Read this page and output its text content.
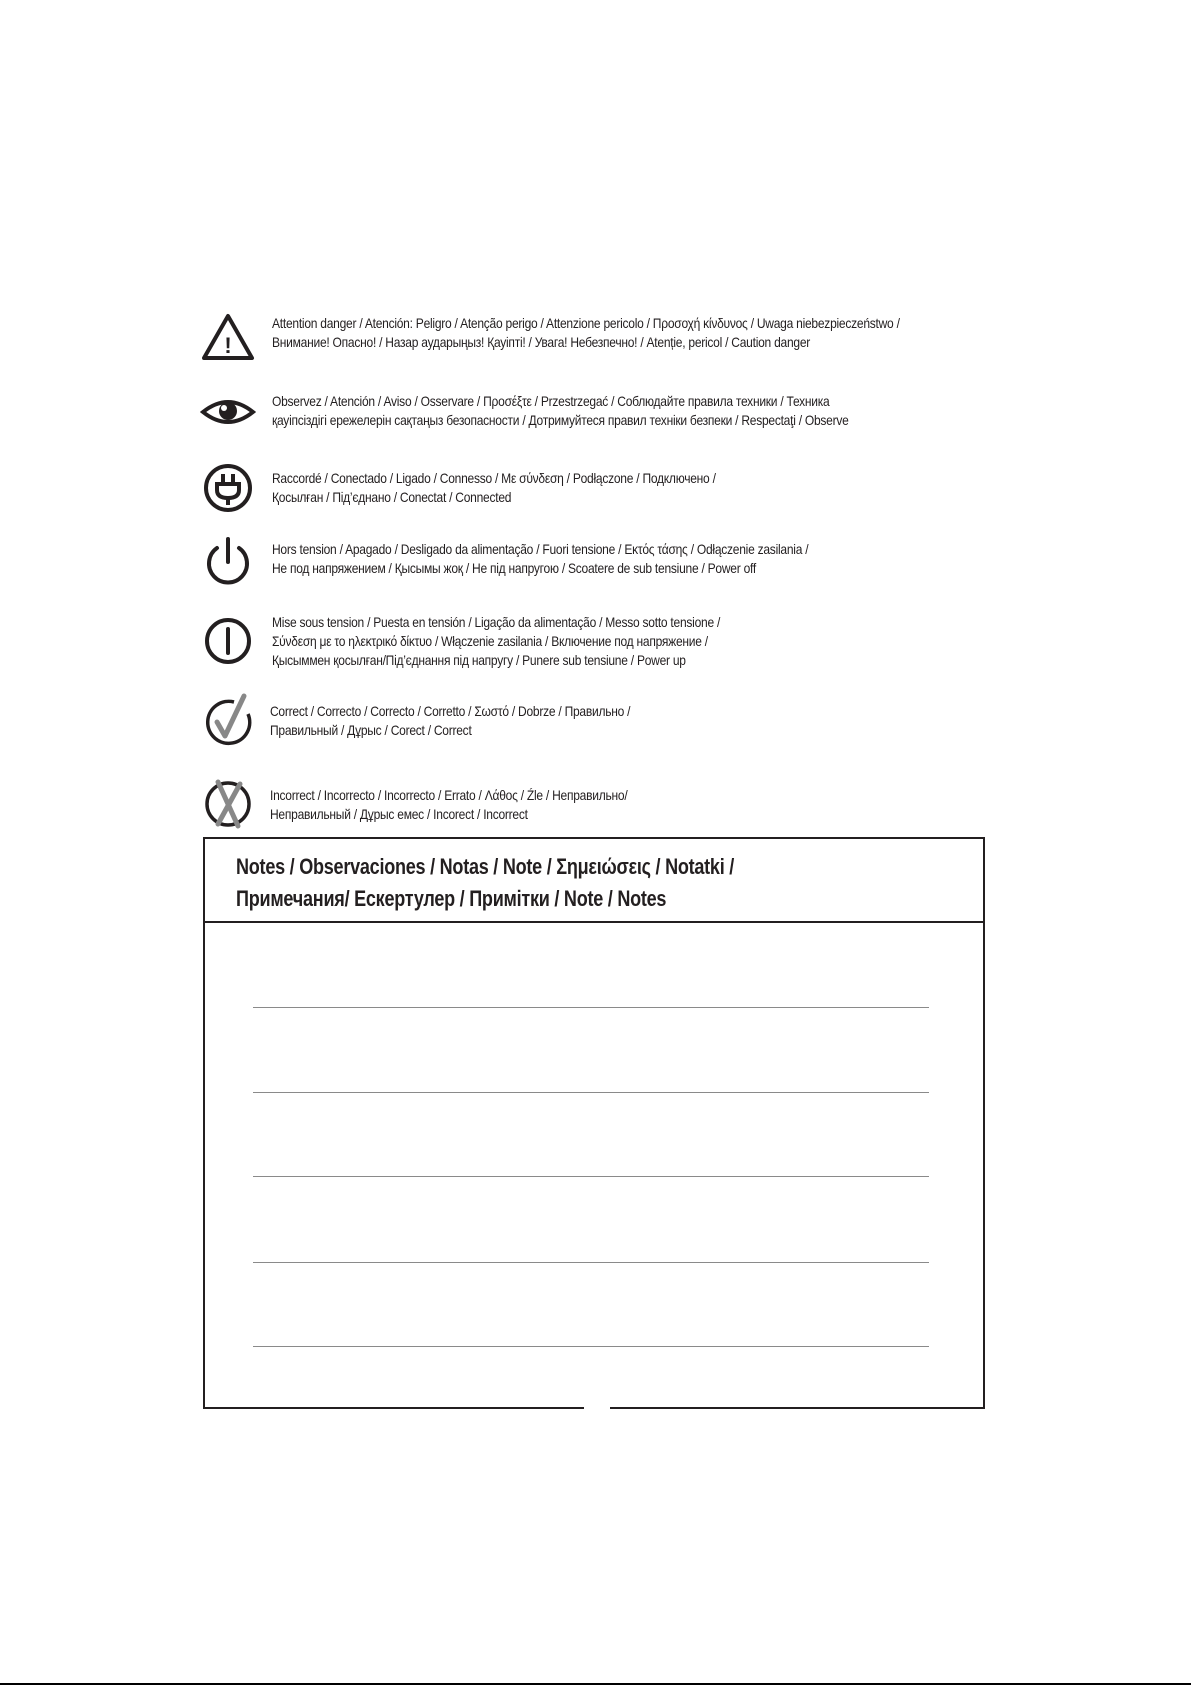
!
Attention danger / Atención: Peligro / Atenção perigo / Attenzione pericolo / Προσοχή κίνδυνος / Uwaga niebezpieczeństwo /
Внимание! Опасно! / Назар аударыңыз! Қауіпті! / Увага! Небезпечно! / Atenție, pericol / Caution danger
Observez / Atención / Aviso / Osservare / Προσέξτε / Przestrzegać / Соблюдайте правила техники / Техника
қауіпсіздігі ережелерін сақтаңыз безопасности / Дотримуйтеся правил техніки безпеки / Respectaţi / Observe
Raccordé / Conectado / Ligado / Connesso / Με σύνδεση / Podłączone / Подключено /
Қосылған / Під’єднано / Conectat / Connected
Hors tension / Apagado / Desligado da alimentação / Fuori tensione / Εκτός τάσης / Odłączenie zasilania /
Не под напряжением / Қысымы жоқ / Не під напругою / Scoatere de sub tensiune / Power off
Mise sous tension / Puesta en tensión / Ligação da alimentação / Messo sotto tensione /
Σύνδεση με το ηλεκτρικό δίκτυο / Włączenie zasilania / Включение под напряжение /
Қысыммен қосылған/Під’єднання під напругу / Punere sub tensiune / Power up
Correct / Correcto / Correcto / Corretto / Σωστό / Dobrze / Правильно /
Правильный / Дұрыс / Corect / Correct
Incorrect / Incorrecto / Incorrecto / Errato / Λάθος / Źle / Неправильно/
Неправильный / Дұрыс емес / Incorect / Incorrect
Notes / Observaciones / Notas / Note / Σημειώσεις / Notatki /
Примечания/ Ескертулер / Примітки / Note / Notes
